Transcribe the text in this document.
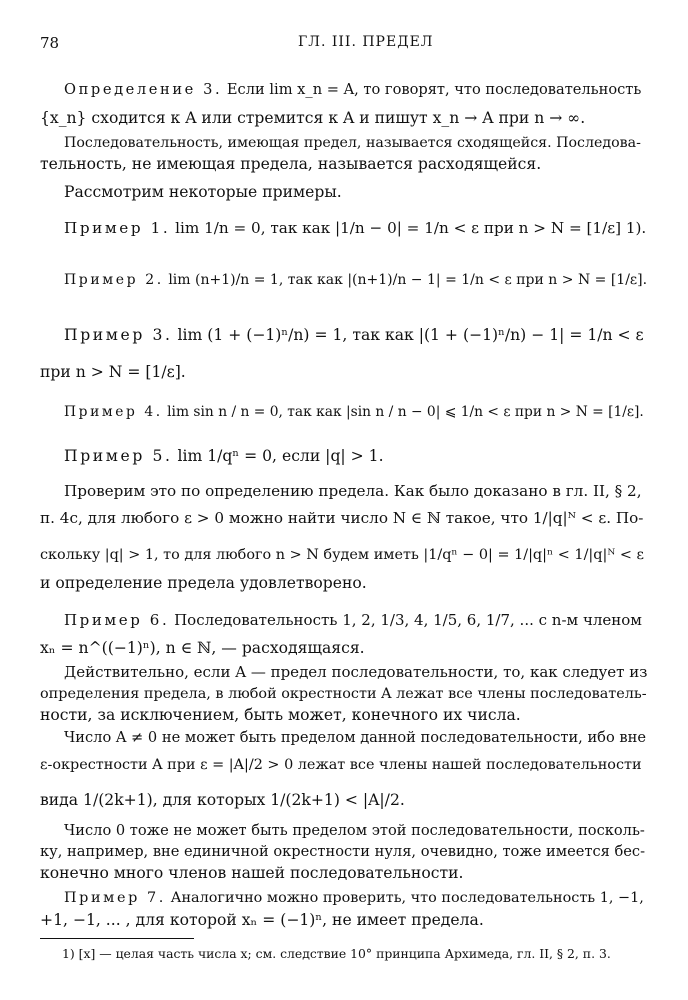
78	ГЛ. III. ПРЕДЕЛ
Определение 3. Если lim x_n = A, то говорят, что последовательность
{x_n} сходится к A или стремится к A и пишут x_n → A при n → ∞.
Последовательность, имеющая предел, называется сходящейся. Последова-
тельность, не имеющая предела, называется расходящейся.
Рассмотрим некоторые примеры.
Пример 1. lim 1/n = 0, так как |1/n − 0| = 1/n < ε при n > N = [1/ε] 1).
Пример 2. lim (n+1)/n = 1, так как |(n+1)/n − 1| = 1/n < ε при n > N = [1/ε].
Пример 3. lim (1 + (−1)ⁿ/n) = 1, так как |(1 + (−1)ⁿ/n) − 1| = 1/n < ε
при n > N = [1/ε].
Пример 4. lim sin n / n = 0, так как |sin n / n − 0| ⩽ 1/n < ε при n > N = [1/ε].
Пример 5. lim 1/qⁿ = 0, если |q| > 1.
Проверим это по определению предела. Как было доказано в гл. II, § 2,
п. 4с, для любого ε > 0 можно найти число N ∈ ℕ такое, что 1/|q|ᴺ < ε. По-
скольку |q| > 1, то для любого n > N будем иметь |1/qⁿ − 0| = 1/|q|ⁿ < 1/|q|ᴺ < ε
и определение предела удовлетворено.
Пример 6. Последовательность 1, 2, 1/3, 4, 1/5, 6, 1/7, ... с n-м членом
xₙ = n^((−1)ⁿ), n ∈ ℕ, — расходящаяся.
Действительно, если A — предел последовательности, то, как следует из
определения предела, в любой окрестности A лежат все члены последователь-
ности, за исключением, быть может, конечного их числа.
Число A ≠ 0 не может быть пределом данной последовательности, ибо вне
ε-окрестности A при ε = |A|/2 > 0 лежат все члены нашей последовательности
вида 1/(2k+1), для которых 1/(2k+1) < |A|/2.
Число 0 тоже не может быть пределом этой последовательности, посколь-
ку, например, вне единичной окрестности нуля, очевидно, тоже имеется бес-
конечно много членов нашей последовательности.
Пример 7. Аналогично можно проверить, что последовательность 1, −1,
+1, −1, ... , для которой xₙ = (−1)ⁿ, не имеет предела.
1) [x] — целая часть числа x; см. следствие 10° принципа Архимеда, гл. II, § 2, п. 3.
